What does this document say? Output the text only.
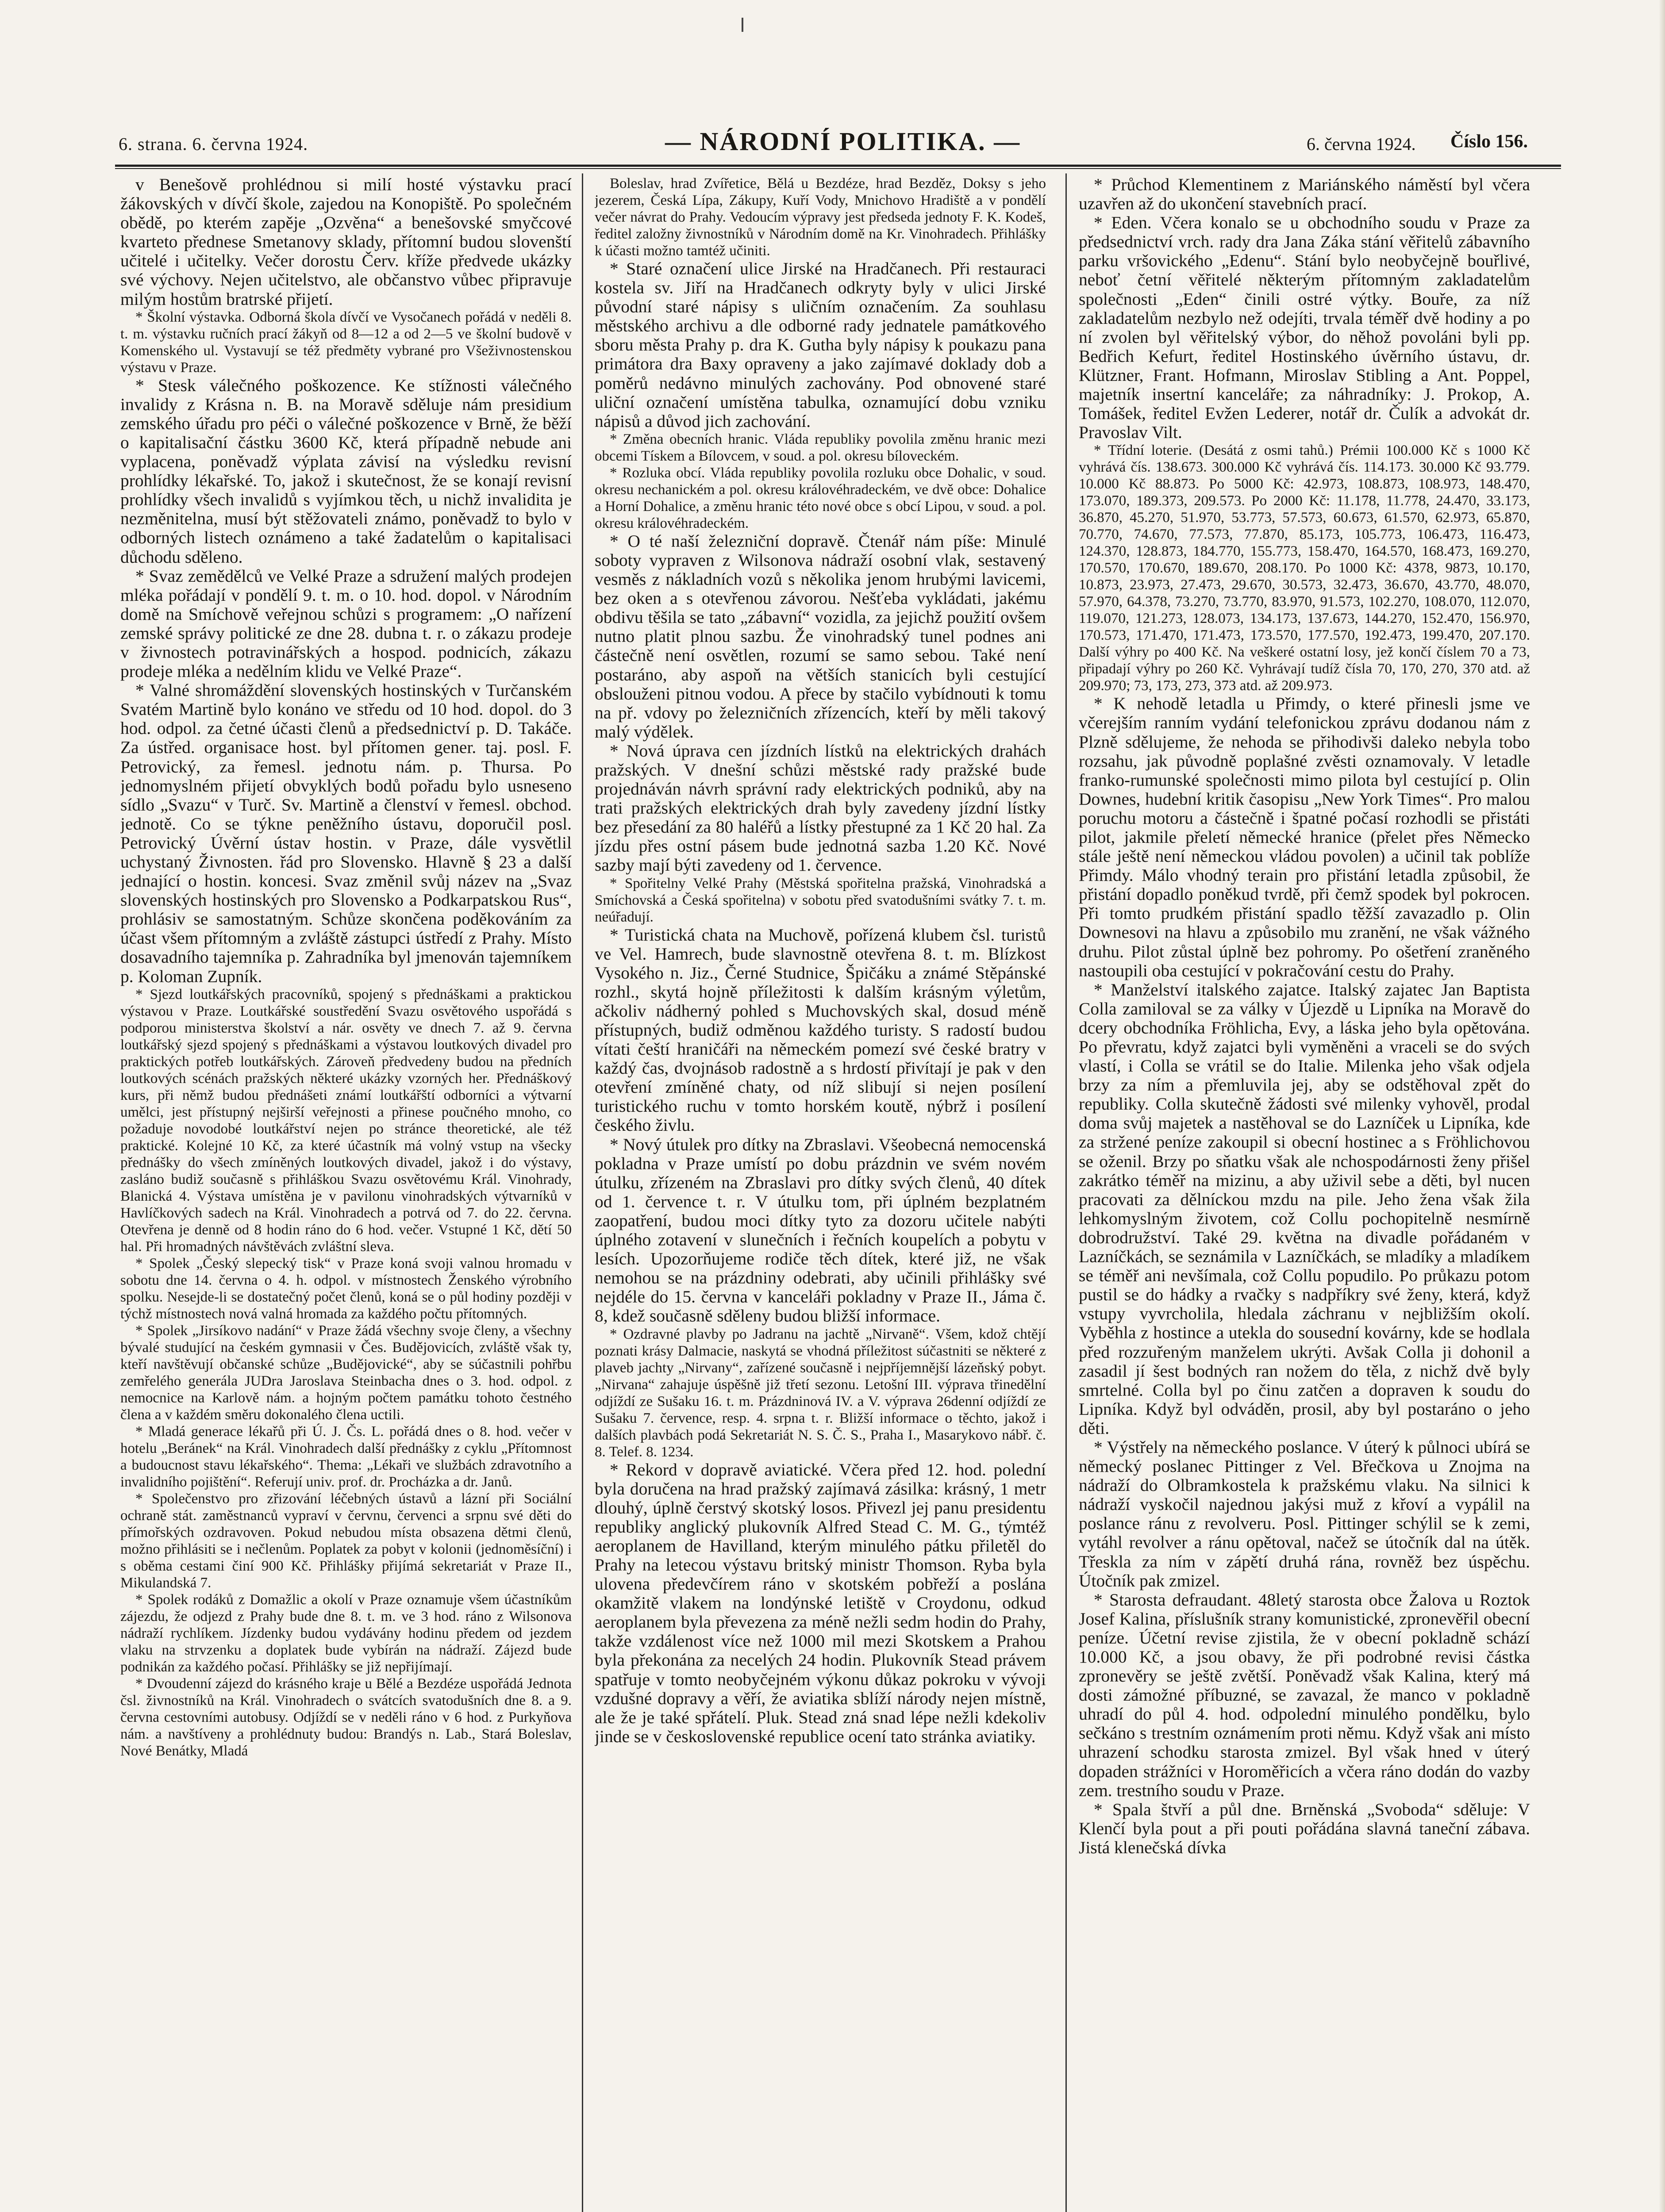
6. strana. 6. června 1924.	— NÁRODNÍ POLITIKA. —	6. června 1924. Číslo 156.

v Benešově prohlédnou si milí hosté výstavku prací žákovských v dívčí škole, zajedou na Konopiště. Po společném obědě, po kterém zapěje „Ozvěna“ a benešovské smyčcové kvarteto přednese Smetanovy sklady, přítomní budou slovenští učitelé i učitelky. Večer dorostu Červ. kříže předvede ukázky své výchovy. Nejen učitelstvo, ale občanstvo vůbec připravuje milým hostům bratrské přijetí.

* Školní výstavka. Odborná škola dívčí ve Vysočanech pořádá v neděli 8. t. m. výstavku ručních prací žákyň od 8—12 a od 2—5 ve školní budově v Komenského ul. Vystavují se též předměty vybrané pro Všeživnostenskou výstavu v Praze.

* Stesk válečného poškozence. Ke stížnosti válečného invalidy z Krásna n. B. na Moravě sděluje nám presidium zemského úřadu pro péči o válečné poškozence v Brně, že běží o kapitalisační částku 3600 Kč, která případně nebude ani vyplacena, poněvadž výplata závisí na výsledku revisní prohlídky lékařské. To, jakož i skutečnost, že se konají revisní prohlídky všech invalidů s vyjímkou těch, u nichž invalidita je nezměnitelna, musí být stěžovateli známo, poněvadž to bylo v odborných listech oznámeno a také žadatelům o kapitalisaci důchodu sděleno.

* Svaz zemědělců ve Velké Praze a sdružení malých prodejen mléka pořádají v pondělí 9. t. m. o 10. hod. dopol. v Národním domě na Smíchově veřejnou schůzi s programem: „O nařízení zemské správy politické ze dne 28. dubna t. r. o zákazu prodeje v živnostech potravinářských a hospod. podnicích, zákazu prodeje mléka a nedělním klidu ve Velké Praze“.

* Valné shromáždění slovenských hostinských v Turčanském Svatém Martině bylo konáno ve středu od 10 hod. dopol. do 3 hod. odpol. za četné účasti členů a předsednictví p. D. Takáče. Za ústřed. organisace host. byl přítomen gener. taj. posl. F. Petrovický, za řemesl. jednotu nám. p. Thursa. Po jednomyslném přijetí obvyklých bodů pořadu bylo usneseno sídlo „Svazu“ v Turč. Sv. Martině a členství v řemesl. obchod. jednotě. Co se týkne peněžního ústavu, doporučil posl. Petrovický Úvěrní ústav hostin. v Praze, dále vysvětlil uchystaný Živnosten. řád pro Slovensko. Hlavně § 23 a další jednající o hostin. koncesi. Svaz změnil svůj název na „Svaz slovenských hostinských pro Slovensko a Podkarpatskou Rus“, prohlásiv se samostatným. Schůze skončena poděkováním za účast všem přítomným a zvláště zástupci ústředí z Prahy. Místo dosavadního tajemníka p. Zahradníka byl jmenován tajemníkem p. Koloman Zupník.

* Sjezd loutkářských pracovníků, spojený s přednáškami a praktickou výstavou v Praze. Loutkářské soustředění Svazu osvětového uspořádá s podporou ministerstva školství a nár. osvěty ve dnech 7. až 9. června loutkářský sjezd spojený s přednáškami a výstavou loutkových divadel pro praktických potřeb loutkářských. Zároveň předvedeny budou na předních loutkových scénách pražských některé ukázky vzorných her. Přednáškový kurs, při němž budou přednášeti známí loutkářští odborníci a výtvarní umělci, jest přístupný nejširší veřejnosti a přinese poučného mnoho, co požaduje novodobé loutkářství nejen po stránce theoretické, ale též praktické. Kolejné 10 Kč, za které účastník má volný vstup na všecky přednášky do všech zmíněných loutkových divadel, jakož i do výstavy, zasláno budiž současně s přihláškou Svazu osvětovému Král. Vinohrady, Blanická 4. Výstava umístěna je v pavilonu vinohradských výtvarníků v Havlíčkových sadech na Král. Vinohradech a potrvá od 7. do 22. června. Otevřena je denně od 8 hodin ráno do 6 hod. večer. Vstupné 1 Kč, dětí 50 hal. Při hromadných návštěvách zvláštní sleva.

* Spolek „Český slepecký tisk“ v Praze koná svoji valnou hromadu v sobotu dne 14. června o 4. h. odpol. v místnostech Ženského výrobního spolku. Nesejde-li se dostatečný počet členů, koná se o půl hodiny později v týchž místnostech nová valná hromada za každého počtu přítomných.

* Spolek „Jirsíkovo nadání“ v Praze žádá všechny svoje členy, a všechny bývalé studující na českém gymnasii v Čes. Budějovicích, zvláště však ty, kteří navštěvují občanské schůze „Budějovické“, aby se súčastnili pohřbu zemřelého generála JUDra Jaroslava Steinbacha dnes o 3. hod. odpol. z nemocnice na Karlově nám. a hojným počtem památku tohoto čestného člena a v každém směru dokonalého člena uctili.

* Mladá generace lékařů při Ú. J. Čs. L. pořádá dnes o 8. hod. večer v hotelu „Beránek“ na Král. Vinohradech další přednášky z cyklu „Přítomnost a budoucnost stavu lékařského“. Thema: „Lékaři ve službách zdravotního a invalidního pojištění“. Referují univ. prof. dr. Procházka a dr. Janů.

* Společenstvo pro zřizování léčebných ústavů a lázní při Sociální ochraně stát. zaměstnanců vypraví v červnu, červenci a srpnu své děti do přímořských ozdravoven. Pokud nebudou místa obsazena dětmi členů, možno přihlásiti se i nečlenům. Poplatek za pobyt v kolonii (jednoměsíční) i s oběma cestami činí 900 Kč. Přihlášky přijímá sekretariát v Praze II., Mikulandská 7.

* Spolek rodáků z Domažlic a okolí v Praze oznamuje všem účastníkům zájezdu, že odjezd z Prahy bude dne 8. t. m. ve 3 hod. ráno z Wilsonova nádraží rychlíkem. Jízdenky budou vydávány hodinu předem od jezdem vlaku na strvzenku a doplatek bude vybírán na nádraží. Zájezd bude podnikán za každého počasí. Přihlášky se již nepřijímají.

* Dvoudenní zájezd do krásného kraje u Bělé a Bezdéze uspořádá Jednota čsl. živnostníků na Král. Vinohradech o svátcích svatodušních dne 8. a 9. června cestovními autobusy. Odjíždí se v neděli ráno v 6 hod. z Purkyňova nám. a navštíveny a prohlédnuty budou: Brandýs n. Lab., Stará Boleslav, Nové Benátky, Mladá

Boleslav, hrad Zvířetice, Bělá u Bezdéze, hrad Bezděz, Doksy s jeho jezerem, Česká Lípa, Zákupy, Kuří Vody, Mnichovo Hradiště a v pondělí večer návrat do Prahy. Vedoucím výpravy jest předseda jednoty F. K. Kodeš, ředitel založny živnostníků v Národním domě na Kr. Vinohradech. Přihlášky k účasti možno tamtéž učiniti.

* Staré označení ulice Jirské na Hradčanech. Při restauraci kostela sv. Jiří na Hradčanech odkryty byly v ulici Jirské původní staré nápisy s uličním označením. Za souhlasu městského archivu a dle odborné rady jednatele památkového sboru města Prahy p. dra K. Gutha byly nápisy k poukazu pana primátora dra Baxy opraveny a jako zajímavé doklady dob a poměrů nedávno minulých zachovány. Pod obnovené staré uliční označení umístěna tabulka, oznamující dobu vzniku nápisů a důvod jich zachování.

* Změna obecních hranic. Vláda republiky povolila změnu hranic mezi obcemi Tískem a Bílovcem, v soud. a pol. okresu bíloveckém.

* Rozluka obcí. Vláda republiky povolila rozluku obce Dohalic, v soud. okresu nechanickém a pol. okresu královéhradeckém, ve dvě obce: Dohalice a Horní Dohalice, a změnu hranic této nové obce s obcí Lipou, v soud. a pol. okresu královéhradeckém.

* O té naší železniční dopravě. Čtenář nám píše: Minulé soboty vypraven z Wilsonova nádraží osobní vlak, sestavený vesměs z nákladních vozů s několika jenom hrubými lavicemi, bez oken a s otevřenou závorou. Nešťeba vykládati, jakému obdivu těšila se tato „zábavní“ vozidla, za jejichž použití ovšem nutno platit plnou sazbu. Že vinohradský tunel podnes ani částečně není osvětlen, rozumí se samo sebou. Také není postaráno, aby aspoň na větších stanicích byli cestující obslouženi pitnou vodou. A přece by stačilo vybídnouti k tomu na př. vdovy po železničních zřízencích, kteří by měli takový malý výdělek.

* Nová úprava cen jízdních lístků na elektrických drahách pražských. V dnešní schůzi městské rady pražské bude projednáván návrh správní rady elektrických podniků, aby na trati pražských elektrických drah byly zavedeny jízdní lístky bez přesedání za 80 haléřů a lístky přestupné za 1 Kč 20 hal. Za jízdu přes ostní pásem bude jednotná sazba 1.20 Kč. Nové sazby mají býti zavedeny od 1. července.

* Spořitelny Velké Prahy (Městská spořitelna pražská, Vinohradská a Smíchovská a Česká spořitelna) v sobotu před svatodušními svátky 7. t. m. neúřadují.

* Turistická chata na Muchově, pořízená klubem čsl. turistů ve Vel. Hamrech, bude slavnostně otevřena 8. t. m. Blízkost Vysokého n. Jiz., Černé Studnice, Špičáku a známé Stěpánské rozhl., skytá hojně příležitosti k dalším krásným výletům, ačkoliv nádherný pohled s Muchovských skal, dosud méně přístupných, budiž odměnou každého turisty. S radostí budou vítati čeští hraničáři na německém pomezí své české bratry v každý čas, dvojnásob radostně a s hrdostí přivítají je pak v den otevření zmíněné chaty, od níž slibují si nejen posílení turistického ruchu v tomto horském koutě, nýbrž i posílení českého živlu.

* Nový útulek pro dítky na Zbraslavi. Všeobecná nemocenská pokladna v Praze umístí po dobu prázdnin ve svém novém útulku, zřízeném na Zbraslavi pro dítky svých členů, 40 dítek od 1. července t. r. V útulku tom, při úplném bezplatném zaopatření, budou moci dítky tyto za dozoru učitele nabýti úplného zotavení v slunečních i řečních koupelích a pobytu v lesích. Upozorňujeme rodiče těch dítek, které již, ne však nemohou se na prázdniny odebrati, aby učinili přihlášky své nejdéle do 15. června v kanceláři pokladny v Praze II., Jáma č. 8, kdež současně sděleny budou bližší informace.

* Ozdravné plavby po Jadranu na jachtě „Nirvaně“. Všem, kdož chtějí poznati krásy Dalmacie, naskytá se vhodná příležitost súčastniti se některé z plaveb jachty „Nirvany“, zařízené současně i nejpříjemnější lázeňský pobyt. „Nirvana“ zahajuje úspěšně již třetí sezonu. Letošní III. výprava třinedělní odjíždí ze Sušaku 16. t. m. Prázdninová IV. a V. výprava 26denní odjíždí ze Sušaku 7. července, resp. 4. srpna t. r. Bližší informace o těchto, jakož i dalších plavbách podá Sekretariát N. S. Č. S., Praha I., Masarykovo nábř. č. 8. Telef. 8. 1234.

* Rekord v dopravě aviatické. Včera před 12. hod. polední byla doručena na hrad pražský zajímavá zásilka: krásný, 1 metr dlouhý, úplně čerstvý skotský losos. Přivezl jej panu presidentu republiky anglický plukovník Alfred Stead C. M. G., týmtéž aeroplanem de Havilland, kterým minulého pátku přiletěl do Prahy na letecou výstavu britský ministr Thomson. Ryba byla ulovena předevčírem ráno v skotském pobřeží a poslána okamžitě vlakem na londýnské letiště v Croydonu, odkud aeroplanem byla převezena za méně nežli sedm hodin do Prahy, takže vzdálenost více než 1000 mil mezi Skotskem a Prahou byla překonána za necelých 24 hodin. Plukovník Stead právem spatřuje v tomto neobyčejném výkonu důkaz pokroku v vývoji vzdušné dopravy a věří, že aviatika sblíží národy nejen místně, ale že je také spřátelí. Pluk. Stead zná snad lépe nežli kdekoliv jinde se v československé republice ocení tato stránka aviatiky.

* Průchod Klementinem z Mariánského náměstí byl včera uzavřen až do ukončení stavebních prací.

* Eden. Včera konalo se u obchodního soudu v Praze za předsednictví vrch. rady dra Jana Záka stání věřitelů zábavního parku vršovického „Edenu“. Stání bylo neobyčejně bouřlivé, neboť četní věřitelé některým přítomným zakladatelům společnosti „Eden“ činili ostré výtky. Bouře, za níž zakladatelům nezbylo než odejíti, trvala téměř dvě hodiny a po ní zvolen byl věřitelský výbor, do něhož povoláni byli pp. Bedřich Kefurt, ředitel Hostinského úvěrního ústavu, dr. Klützner, Frant. Hofmann, Miroslav Stibling a Ant. Poppel, majetník insertní kanceláře; za náhradníky: J. Prokop, A. Tomášek, ředitel Evžen Lederer, notář dr. Čulík a advokát dr. Pravoslav Vilt.

* Třídní loterie. (Desátá z osmi tahů.) Prémii 100.000 Kč s 1000 Kč vyhrává čís. 138.673. 300.000 Kč vyhrává čís. 114.173. 30.000 Kč 93.779. 10.000 Kč 88.873. Po 5000 Kč: 42.973, 108.873, 108.973, 148.470, 173.070, 189.373, 209.573. Po 2000 Kč: 11.178, 11.778, 24.470, 33.173, 36.870, 45.270, 51.970, 53.773, 57.573, 60.673, 61.570, 62.973, 65.870, 70.770, 74.670, 77.573, 77.870, 85.173, 105.773, 106.473, 116.473, 124.370, 128.873, 184.770, 155.773, 158.470, 164.570, 168.473, 169.270, 170.570, 170.670, 189.670, 208.170. Po 1000 Kč: 4378, 9873, 10.170, 10.873, 23.973, 27.473, 29.670, 30.573, 32.473, 36.670, 43.770, 48.070, 57.970, 64.378, 73.270, 73.770, 83.970, 91.573, 102.270, 108.070, 112.070, 119.070, 121.273, 128.073, 134.173, 137.673, 144.270, 152.470, 156.970, 170.573, 171.470, 171.473, 173.570, 177.570, 192.473, 199.470, 207.170. Další výhry po 400 Kč. Na veškeré ostatní losy, jež končí číslem 70 a 73, připadají výhry po 260 Kč. Vyhrávají tudíž čísla 70, 170, 270, 370 atd. až 209.970; 73, 173, 273, 373 atd. až 209.973.

* K nehodě letadla u Přimdy, o které přinesli jsme ve včerejším ranním vydání telefonickou zprávu dodanou nám z Plzně sdělujeme, že nehoda se přihodivši daleko nebyla tobo rozsahu, jak původně poplašné zvěsti oznamovaly. V letadle franko-rumunské společnosti mimo pilota byl cestující p. Olin Downes, hudební kritik časopisu „New York Times“. Pro malou poruchu motoru a částečně i špatné počasí rozhodli se přistáti pilot, jakmile přeletí německé hranice (přelet přes Německo stále ještě není německou vládou povolen) a učinil tak poblíže Přimdy. Málo vhodný terain pro přistání letadla způsobil, že přistání dopadlo poněkud tvrdě, při čemž spodek byl pokrocen. Při tomto prudkém přistání spadlo těžší zavazadlo p. Olin Downesovi na hlavu a způsobilo mu zranění, ne však vážného druhu. Pilot zůstal úplně bez pohromy. Po ošetření zraněného nastoupili oba cestující v pokračování cestu do Prahy.

* Manželství italského zajatce. Italský zajatec Jan Baptista Colla zamiloval se za války v Újezdě u Lipníka na Moravě do dcery obchodníka Fröhlicha, Evy, a láska jeho byla opětována. Po převratu, když zajatci byli vyměněni a vraceli se do svých vlastí, i Colla se vrátil se do Italie. Milenka jeho však odjela brzy za ním a přemluvila jej, aby se odstěhoval zpět do republiky. Colla skutečně žádosti své milenky vyhověl, prodal doma svůj majetek a nastěhoval se do Lazníček u Lipníka, kde za stržené peníze zakoupil si obecní hostinec a s Fröhlichovou se oženil. Brzy po sňatku však ale nchospodárnosti ženy přišel zakrátko téměř na mizinu, a aby uživil sebe a děti, byl nucen pracovati za dělníckou mzdu na pile. Jeho žena však žila lehkomyslným životem, což Collu pochopitelně nesmírně dobrodružství. Také 29. května na divadle pořádaném v Lazníčkách, se seznámila v Lazníčkách, se mladíky a mladíkem se téměř ani nevšímala, což Collu popudilo. Po průkazu potom pustil se do hádky a rvačky s nadpříkry své ženy, která, když vstupy vyvrcholila, hledala záchranu v nejbližším okolí. Vyběhla z hostince a utekla do sousední kovárny, kde se hodlala před rozzuřeným manželem ukrýti. Avšak Colla ji dohonil a zasadil jí šest bodných ran nožem do těla, z nichž dvě byly smrtelné. Colla byl po činu zatčen a dopraven k soudu do Lipníka. Když byl odváděn, prosil, aby byl postaráno o jeho děti.

* Výstřely na německého poslance. V úterý k půlnoci ubírá se německý poslanec Pittinger z Vel. Břečkova u Znojma na nádraží do Olbramkostela k pražskému vlaku. Na silnici k nádraží vyskočil najednou jakýsi muž z křoví a vypálil na poslance ránu z revolveru. Posl. Pittinger schýlil se k zemi, vytáhl revolver a ránu opětoval, načež se útočník dal na útěk. Třeskla za ním v zápětí druhá rána, rovněž bez úspěchu. Útočník pak zmizel.

* Starosta defraudant. 48letý starosta obce Žalova u Roztok Josef Kalina, příslušník strany komunistické, zpronevěřil obecní peníze. Účetní revise zjistila, že v obecní pokladně schází 10.000 Kč, a jsou obavy, že při podrobné revisi částka zpronevěry se ještě zvětší. Poněvadž však Kalina, který má dosti zámožné příbuzné, se zavazal, že manco v pokladně uhradí do půl 4. hod. odpolední minulého pondělku, bylo sečkáno s trestním oznámením proti němu. Když však ani místo uhrazení schodku starosta zmizel. Byl však hned v úterý dopaden strážníci v Horoměřicích a včera ráno dodán do vazby zem. trestního soudu v Praze.

* Spala štvří a půl dne. Brněnská „Svoboda“ sděluje: V Klenčí byla pout a při pouti pořádána slavná taneční zábava. Jistá klenečská dívka
